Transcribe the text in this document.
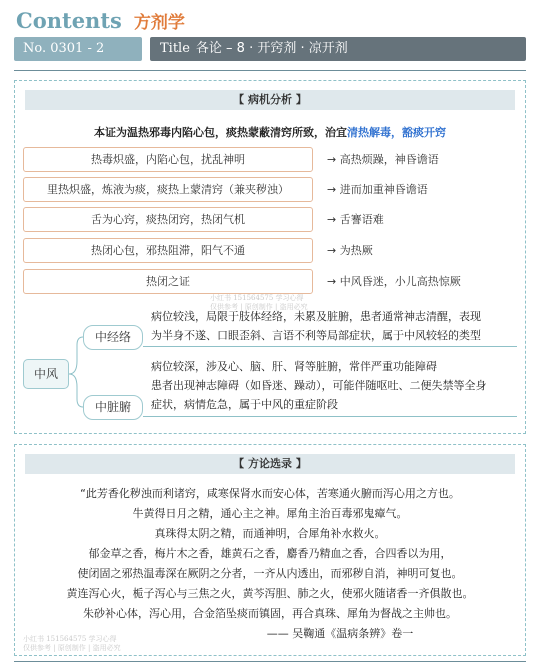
Contents 方剂学
No. 0301 - 2	Title 各论 – 8 · 开窍剂 · 凉开剂
【 病机分析 】
本证为温热邪毒内陷心包，痰热蒙蔽清窍所致，治宜清热解毒，豁痰开窍
热毒炽盛，内陷心包，扰乱神明	→ 高热烦躁，神昏谵语
里热炽盛，炼液为痰，痰热上蒙清窍（兼夹秽浊）	→ 进而加重神昏谵语
舌为心窍，痰热闭窍，热闭气机	→ 舌謇语难
热闭心包，邪热阻滞，阳气不通	→ 为热厥
热闭之证	→ 中风昏迷，小儿高热惊厥
中风
中经络
病位较浅，局限于肢体经络，未累及脏腑，患者通常神志清醒，表现
为半身不遂、口眼歪斜、言语不利等局部症状，属于中风较轻的类型
中脏腑
病位较深，涉及心、脑、肝、肾等脏腑，常伴严重功能障碍
患者出现神志障碍（如昏迷、躁动），可能伴随呕吐、二便失禁等全身
症状，病情危急，属于中风的重症阶段
小红书 151564575 学习心得
仅供参考 | 原创制作 | 盗用必究
【 方论选录 】
“此芳香化秽浊而利诸窍，咸寒保肾水而安心体，苦寒通火腑而泻心用之方也。
牛黄得日月之精，通心主之神。犀角主治百毒邪鬼瘴气。
真珠得太阴之精，而通神明，合犀角补水救火。
郁金草之香，梅片木之香，雄黄石之香，麝香乃精血之香，合四香以为用，
使闭固之邪热温毒深在厥阴之分者，一齐从内透出，而邪秽自消，神明可复也。
黄连泻心火，栀子泻心与三焦之火，黄芩泻胆、肺之火，使邪火随诸香一齐俱散也。
朱砂补心体，泻心用，合金箔坠痰而镇固，再合真珠、犀角为督战之主帅也。
—— 吴鞠通《温病条辨》卷一
小红书 151564575 学习心得
仅供参考 | 原创制作 | 盗用必究
